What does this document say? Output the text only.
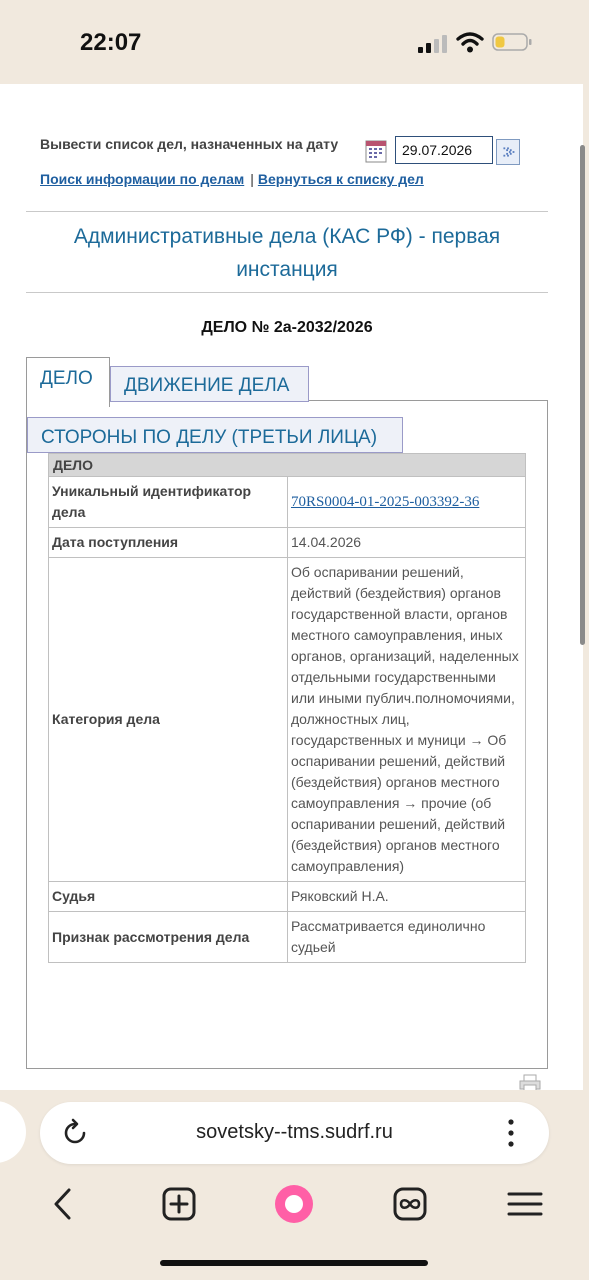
22:07
Вывести список дел, назначенных на дату
29.07.2026
Поиск информации по делам | Вернуться к списку дел
Административные дела (КАС РФ) - первая инстанция
ДЕЛО № 2а-2032/2026
ДВИЖЕНИЕ ДЕЛА
ДЕЛО
СТОРОНЫ ПО ДЕЛУ (ТРЕТЬИ ЛИЦА)
ДЕЛО	
Уникальный идентификатор дела	70RS0004-01-2025-003392-36
Дата поступления	14.04.2026
Категория дела	Об оспаривании решений, действий (бездействия) органов государственной власти, органов местного самоуправления, иных органов, организаций, наделенных отдельными государственными или иными публич.полномочиями, должностных лиц, государственных и муници → Об оспаривании решений, действий (бездействия) органов местного самоуправления → прочие (об оспаривании решений, действий (бездействия) органов местного самоуправления)
Судья	Ряковский Н.А.
Признак рассмотрения дела	Рассматривается единолично судьей
sovetsky--tms.sudrf.ru
